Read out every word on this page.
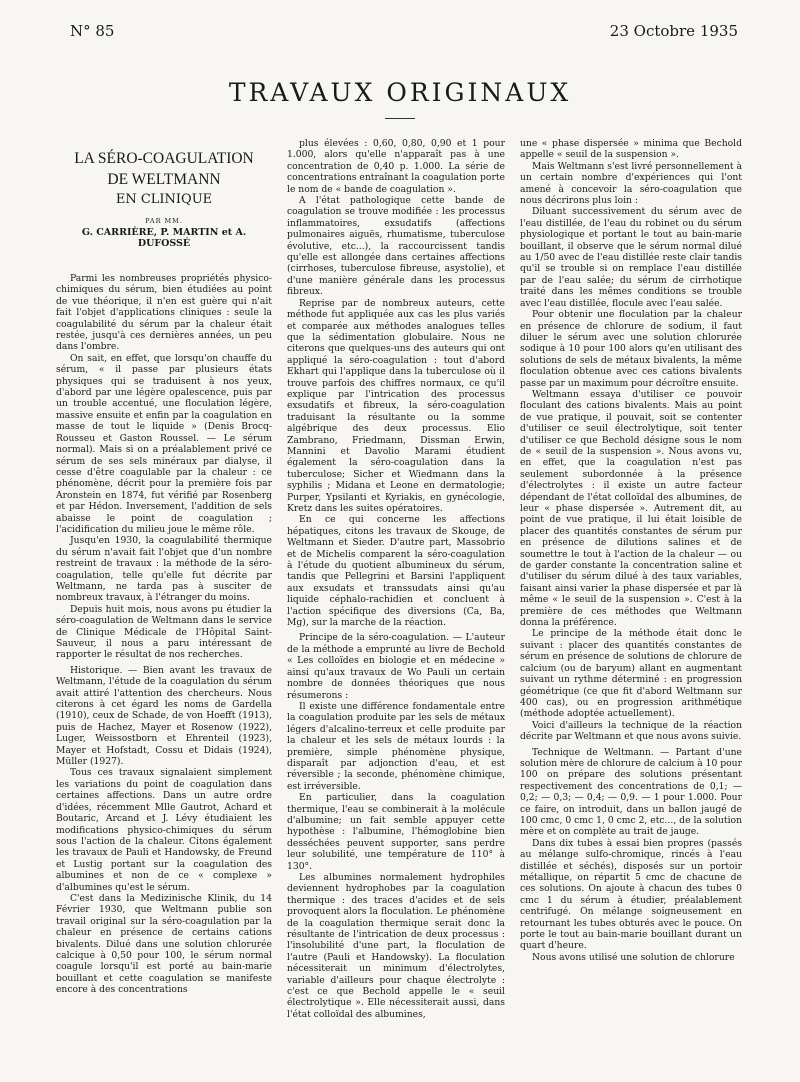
N° 85	23 Octobre 1935
TRAVAUX ORIGINAUX
LA SÉRO-COAGULATION
DE WELTMANN
EN CLINIQUE
PAR MM.
G. CARRIÈRE, P. MARTIN et A. DUFOSSÉ

Parmi les nombreuses propriétés physico-chimiques du sérum, bien étudiées au point de vue théorique, il n'en est guère qui n'ait fait l'objet d'applications cliniques : seule la coagulabilité du sérum par la chaleur était restée, jusqu'à ces dernières années, un peu dans l'ombre.

On sait, en effet, que lorsqu'on chauffe du sérum, « il passe par plusieurs états physiques qui se traduisent à nos yeux, d'abord par une légère opalescence, puis par un trouble accentué, une floculation légère, massive ensuite et enfin par la coagulation en masse de tout le liquide » (Denis Brocq-Rousseu et Gaston Roussel. — Le sérum normal). Mais si on a préalablement privé ce sérum de ses sels minéraux par dialyse, il cesse d'être coagulable par la chaleur : ce phénomène, décrit pour la première fois par Aronstein en 1874, fut vérifié par Rosenberg et par Hédon. Inversement, l'addition de sels abaisse le point de coagulation ; l'acidification du milieu joue le même rôle.

Jusqu'en 1930, la coagulabilité thermique du sérum n'avait fait l'objet que d'un nombre restreint de travaux : la méthode de la séro-coagulation, telle qu'elle fut décrite par Weltmann, ne tarda pas à susciter de nombreux travaux, à l'étranger du moins.

Depuis huit mois, nous avons pu étudier la séro-coagulation de Weltmann dans le service de Clinique Médicale de l'Hôpital Saint-Sauveur, il nous a paru intéressant de rapporter le résultat de nos recherches.

Historique. — Bien avant les travaux de Weltmann, l'étude de la coagulation du sérum avait attiré l'attention des chercheurs. Nous citerons à cet égard les noms de Gardella (1910), ceux de Schade, de von Hoefft (1913), puis de Hachez, Mayer et Rosenow (1922), Luger, Weissostborn et Ehrenteil (1923), Mayer et Hofstadt, Cossu et Didais (1924), Müller (1927).

Tous ces travaux signalaient simplement les variations du point de coagulation dans certaines affections. Dans un autre ordre d'idées, récemment Mlle Gautrot, Achard et Boutaric, Arcand et J. Lévy étudiaient les modifications physico-chimiques du sérum sous l'action de la chaleur. Citons également les travaux de Pauli et Handowsky, de Freund et Lustig portant sur la coagulation des albumines et non de ce « complexe » d'albumines qu'est le sérum.

C'est dans la Medizinische Klinik, du 14 Février 1930, que Weltmann publie son travail original sur la séro-coagulation par la chaleur en présence de certains cations bivalents. Dilué dans une solution chlorurée calcique à 0,50 pour 100, le sérum normal coagule lorsqu'il est porté au bain-marie bouillant et cette coagulation se manifeste encore à des concentrations

plus élevées : 0,60, 0,80, 0,90 et 1 pour 1.000, alors qu'elle n'apparaît pas à une concentration de 0,40 p. 1.000. La série de concentrations entraînant la coagulation porte le nom de « bande de coagulation ».

A l'état pathologique cette bande de coagulation se trouve modifiée : les processus inflammatoires, exsudatifs (affections pulmonaires aiguës, rhumatisme, tuberculose évolutive, etc...), la raccourcissent tandis qu'elle est allongée dans certaines affections (cirrhoses, tuberculose fibreuse, asystolie), et d'une manière générale dans les processus fibreux.

Reprise par de nombreux auteurs, cette méthode fut appliquée aux cas les plus variés et comparée aux méthodes analogues telles que la sédimentation globulaire. Nous ne citerons que quelques-uns des auteurs qui ont appliqué la séro-coagulation : tout d'abord Ekhart qui l'applique dans la tuberculose où il trouve parfois des chiffres normaux, ce qu'il explique par l'intrication des processus exsudatifs et fibreux, la séro-coagulation traduisant la résultante ou la somme algébrique des deux processus. Elio Zambrano, Friedmann, Dissman Erwin, Mannini et Davolio Marami étudient également la séro-coagulation dans la tuberculose; Sicher et Wiedmann dans la syphilis ; Midana et Leone en dermatologie; Purper, Ypsilanti et Kyriakis, en gynécologie, Kretz dans les suites opératoires.

En ce qui concerne les affections hépatiques, citons les travaux de Skouge, de Weltmann et Sieder. D'autre part, Massobrio et de Michelis comparent la séro-coagulation à l'étude du quotient albumineux du sérum, tandis que Pellegrini et Barsini l'appliquent aux exsudats et transsudats ainsi qu'au liquide céphalo-rachidien et concluent à l'action spécifique des diversions (Ca, Ba, Mg), sur la marche de la réaction.

Principe de la séro-coagulation. — L'auteur de la méthode a emprunté au livre de Bechold « Les colloïdes en biologie et en médecine » ainsi qu'aux travaux de Wo Pauli un certain nombre de données théoriques que nous résumerons :

Il existe une différence fondamentale entre la coagulation produite par les sels de métaux légers d'alcalino-terreux et celle produite par la chaleur et les sels de métaux lourds : la première, simple phénomène physique, disparaît par adjonction d'eau, et est réversible ; la seconde, phénomène chimique, est irréversible.

En particulier, dans la coagulation thermique, l'eau se combinerait à la molécule d'albumine; un fait semble appuyer cette hypothèse : l'albumine, l'hémoglobine bien desséchées peuvent supporter, sans perdre leur solubilité, une température de 110° à 130°.

Les albumines normalement hydrophiles deviennent hydrophobes par la coagulation thermique : des traces d'acides et de sels provoquent alors la floculation. Le phénomène de la coagulation thermique serait donc la résultante de l'intrication de deux processus : l'insolubilité d'une part, la floculation de l'autre (Pauli et Handowsky). La floculation nécessiterait un minimum d'électrolytes, variable d'ailleurs pour chaque électrolyte : c'est ce que Bechold appelle le « seuil électrolytique ». Elle nécessiterait aussi, dans l'état colloïdal des albumines,

une « phase dispersée » minima que Bechold appelle « seuil de la suspension ».

Mais Weltmann s'est livré personnellement à un certain nombre d'expériences qui l'ont amené à concevoir la séro-coagulation que nous décrirons plus loin :

Diluant successivement du sérum avec de l'eau distillée, de l'eau du robinet ou du sérum physiologique et portant le tout au bain-marie bouillant, il observe que le sérum normal dilué au 1/50 avec de l'eau distillée reste clair tandis qu'il se trouble si on remplace l'eau distillée par de l'eau salée; du sérum de cirrhotique traité dans les mêmes conditions se trouble avec l'eau distillée, flocule avec l'eau salée.

Pour obtenir une floculation par la chaleur en présence de chlorure de sodium, il faut diluer le sérum avec une solution chlorurée sodique à 10 pour 100 alors qu'en utilisant des solutions de sels de métaux bivalents, la même floculation obtenue avec ces cations bivalents passe par un maximum pour décroître ensuite.

Weltmann essaya d'utiliser ce pouvoir floculant des cations bivalents. Mais au point de vue pratique, il pouvait, soit se contenter d'utiliser ce seuil électrolytique, soit tenter d'utiliser ce que Bechold désigne sous le nom de « seuil de la suspension ». Nous avons vu, en effet, que la coagulation n'est pas seulement subordonnée à la présence d'électrolytes : il existe un autre facteur dépendant de l'état colloïdal des albumines, de leur « phase dispersée ». Autrement dit, au point de vue pratique, il lui était loisible de placer des quantités constantes de sérum pur en présence de dilutions salines et de soumettre le tout à l'action de la chaleur — ou de garder constante la concentration saline et d'utiliser du sérum dilué à des taux variables, faisant ainsi varier la phase dispersée et par là même « le seuil de la suspension ». C'est à la première de ces méthodes que Weltmann donna la préférence.

Le principe de la méthode était donc le suivant : placer des quantités constantes de sérum en présence de solutions de chlorure de calcium (ou de baryum) allant en augmentant suivant un rythme déterminé : en progression géométrique (ce que fit d'abord Weltmann sur 400 cas), ou en progression arithmétique (méthode adoptée actuellement).

Voici d'ailleurs la technique de la réaction décrite par Weltmann et que nous avons suivie.

Technique de Weltmann. — Partant d'une solution mère de chlorure de calcium à 10 pour 100 on prépare des solutions présentant respectivement des concentrations de 0,1; — 0,2; — 0,3; — 0,4; — 0,9. — 1 pour 1.000. Pour ce faire, on introduit, dans un ballon jaugé de 100 cmc, 0 cmc 1, 0 cmc 2, etc..., de la solution mère et on complète au trait de jauge.

Dans dix tubes à essai bien propres (passés au mélange sulfo-chromique, rincés à l'eau distillée et séchés), disposés sur un portoir métallique, on répartit 5 cmc de chacune de ces solutions. On ajoute à chacun des tubes 0 cmc 1 du sérum à étudier, préalablement centrifugé. On mélange soigneusement en retournant les tubes obturés avec le pouce. On porte le tout au bain-marie bouillant durant un quart d'heure.

Nous avons utilisé une solution de chlorure
